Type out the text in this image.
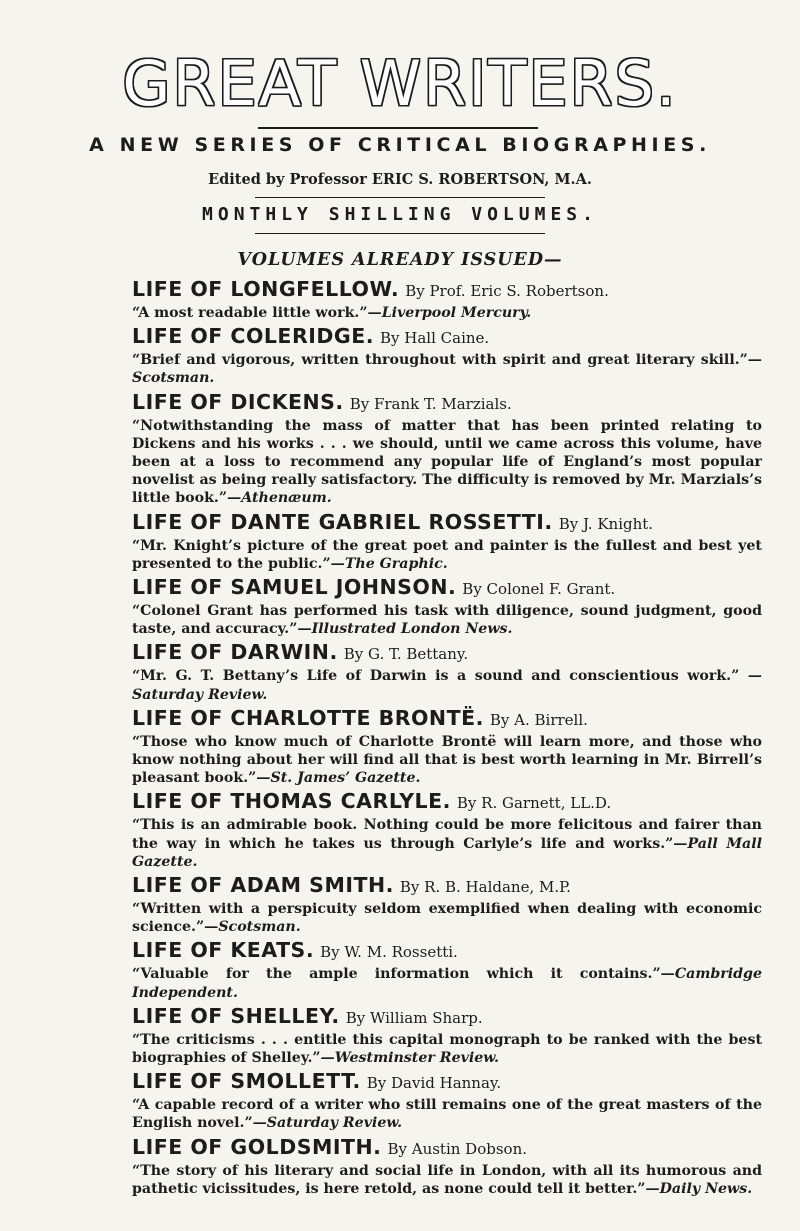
GREAT WRITERS.
A NEW SERIES OF CRITICAL BIOGRAPHIES.
Edited by Professor ERIC S. ROBERTSON, M.A.
MONTHLY SHILLING VOLUMES.
VOLUMES ALREADY ISSUED—
LIFE OF LONGFELLOW. By Prof. Eric S. Robertson.
“A most readable little work.”—Liverpool Mercury.
LIFE OF COLERIDGE. By Hall Caine.
“Brief and vigorous, written throughout with spirit and great literary skill.”—Scotsman.
LIFE OF DICKENS. By Frank T. Marzials.
“Notwithstanding the mass of matter that has been printed relating to Dickens and his works . . . we should, until we came across this volume, have been at a loss to recommend any popular life of England’s most popular novelist as being really satisfactory. The difficulty is removed by Mr. Marzials’s little book.”—Athenæum.
LIFE OF DANTE GABRIEL ROSSETTI. By J. Knight.
“Mr. Knight’s picture of the great poet and painter is the fullest and best yet presented to the public.”—The Graphic.
LIFE OF SAMUEL JOHNSON. By Colonel F. Grant.
“Colonel Grant has performed his task with diligence, sound judgment, good taste, and accuracy.”—Illustrated London News.
LIFE OF DARWIN. By G. T. Bettany.
“Mr. G. T. Bettany’s Life of Darwin is a sound and conscientious work.” —Saturday Review.
LIFE OF CHARLOTTE BRONTË. By A. Birrell.
“Those who know much of Charlotte Brontë will learn more, and those who know nothing about her will find all that is best worth learning in Mr. Birrell’s pleasant book.”—St. James’ Gazette.
LIFE OF THOMAS CARLYLE. By R. Garnett, LL.D.
“This is an admirable book. Nothing could be more felicitous and fairer than the way in which he takes us through Carlyle’s life and works.”—Pall Mall Gazette.
LIFE OF ADAM SMITH. By R. B. Haldane, M.P.
“Written with a perspicuity seldom exemplified when dealing with economic science.”—Scotsman.
LIFE OF KEATS. By W. M. Rossetti.
“Valuable for the ample information which it contains.”—Cambridge Independent.
LIFE OF SHELLEY. By William Sharp.
“The criticisms . . . entitle this capital monograph to be ranked with the best biographies of Shelley.”—Westminster Review.
LIFE OF SMOLLETT. By David Hannay.
“A capable record of a writer who still remains one of the great masters of the English novel.”—Saturday Review.
LIFE OF GOLDSMITH. By Austin Dobson.
“The story of his literary and social life in London, with all its humorous and pathetic vicissitudes, is here retold, as none could tell it better.”—Daily News.
